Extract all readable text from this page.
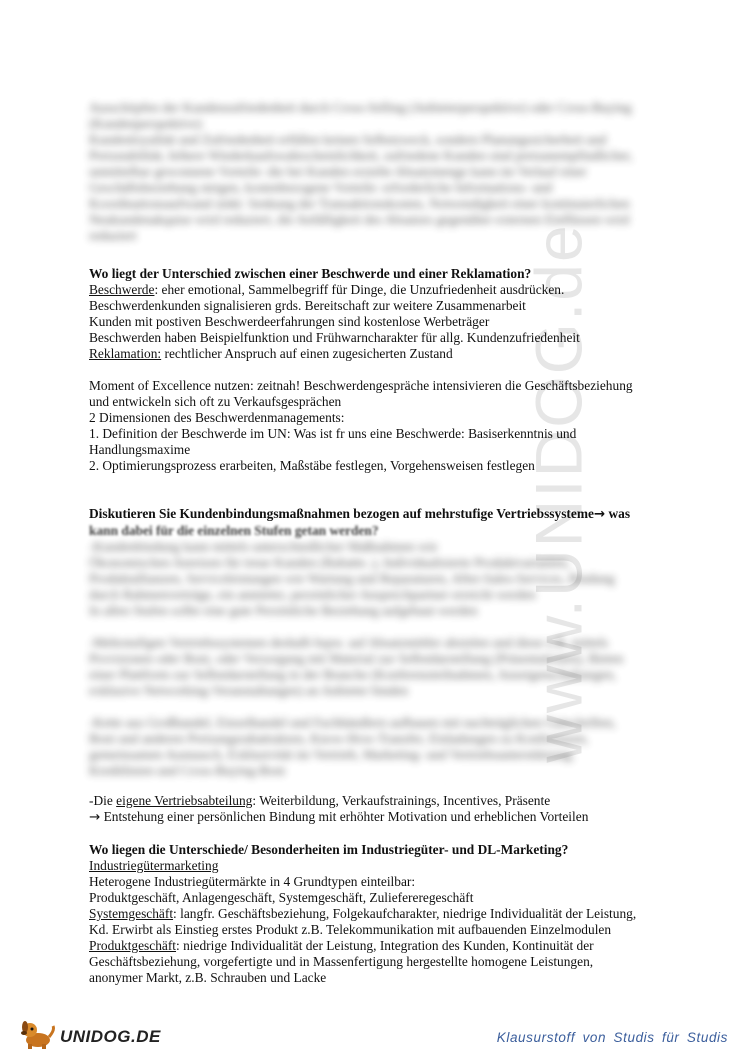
www.UNIDOG.de
Ausschöpfen der Kundenzufriedenheit durch Cross-Selling (Anbieterperspektive) oder Cross-Buying
(Kundenperspektive)
Kundenloyalität und Zufriedenheit erfüllen keinen Selbstzweck, sondern Planungssicherheit und
Preisstabilität, höhere Wiederkaufswahrscheinlichkeit, zufriedene Kunden sind preisunempfindlicher,
unmittelbar gewonnene Vorteile: die bei Kunden erzielte Absatzmenge kann im Verlauf einer
Geschäftsbeziehung steigen, kostenbezogene Vorteile: erforderliche Informations- und
Koordinationsaufwand sinkt: Senkung der Transaktionskosten, Notwendigkeit einer kontinuierlichen
Neukundenakquise wird reduziert, die Anfälligkeit des Absatzes gegenüber externen Einflüssen wird
reduziert

Wo liegt der Unterschied zwischen einer Beschwerde und einer Reklamation?

Beschwerde: eher emotional, Sammelbegriff für Dinge, die Unzufriedenheit ausdrücken.
Beschwerdenkunden signalisieren grds. Bereitschaft zur weitere Zusammenarbeit
Kunden mit postiven Beschwerdeerfahrungen sind kostenlose Werbeträger
Beschwerden haben Beispielfunktion und Frühwarncharakter für allg. Kundenzufriedenheit
Reklamation: rechtlicher Anspruch auf einen zugesicherten Zustand
Moment of Excellence nutzen: zeitnah! Beschwerdengespräche intensivieren die Geschäftsbeziehung
und entwickeln sich oft zu Verkaufsgesprächen
2 Dimensionen des Beschwerdenmanagements:
1. Definition der Beschwerde im UN: Was ist fr uns eine Beschwerde: Basiserkenntnis und
Handlungsmaxime
2. Optimierungsprozess erarbeiten, Maßstäbe festlegen, Vorgehensweisen festlegen
Diskutieren Sie Kundenbindungsmaßnahmen bezogen auf mehrstufige Vertriebssysteme→ was
kann dabei für die einzelnen Stufen getan werden?
-Kundenbindung kann mittels unterschiedlicher Maßnahmen wie
Ökonomischen Anreizen für treue Kunden (Rabatte..), Individualisierte Produktvarianten,
Produktallianzen, Serviceleistungen wie Wartung und Reparaturen, After-Sales-Services, Bindung
durch Rahmenverträge, ein anmieter, persönlicher Ansprechpartner erreicht werden
In allen Stufen sollte eine gute Persönliche Beziehung aufgebaut werden
-Mehrstufigen Vertriebssystemen deshalb bspw. auf Absatzmittler abzielen und diese z.B. mittels
Provisionen oder Boni, oder Versorgung mit Material zur Selbstdarstellung (Präsentationen), Bieten
einer Plattform zur Selbstdarstellung in der Branche (Konferenzteilnahmen, Anzeigenschaltungen,
exklusive Networking-Veranstaltungen) an Anbieter binden
-Kette aus Großhandel, Einzelhandel und Fachhändlern aufbauen mit nachträglichen Gutschriften,
Boni und anderen Preisungsrabattsätzen, Know-How-Transfer, Einladungen zu Konferenzen,
gemeinsamen Austausch, Exklusivität im Vertrieb, Marketing- und Vertriebsunterstützung,
Kreditlinien und Cross-Buying-Boni
-Die eigene Vertriebsabteilung: Weiterbildung, Verkaufstrainings, Incentives, Präsente
→ Entstehung einer persönlichen Bindung mit erhöhter Motivation und erheblichen Vorteilen

Wo liegen die Unterschiede/ Besonderheiten im Industriegüter- und DL-Marketing?

Industriegütermarketing
Heterogene Industriegütermärkte in 4 Grundtypen einteilbar:
Produktgeschäft, Anlagengeschäft, Systemgeschäft, Zuliefereregeschäft
Systemgeschäft: langfr. Geschäftsbeziehung, Folgekaufcharakter, niedrige Individualität der Leistung,
Kd. Erwirbt als Einstieg erstes Produkt z.B. Telekommunikation mit aufbauenden Einzelmodulen
Produktgeschäft: niedrige Individualität der Leistung, Integration des Kunden, Kontinuität der
Geschäftsbeziehung, vorgefertigte und in Massenfertigung hergestellte homogene Leistungen,
anonymer Markt, z.B. Schrauben und Lacke
UNIDOG.DE	Klausurstoff von Studis für Studis
